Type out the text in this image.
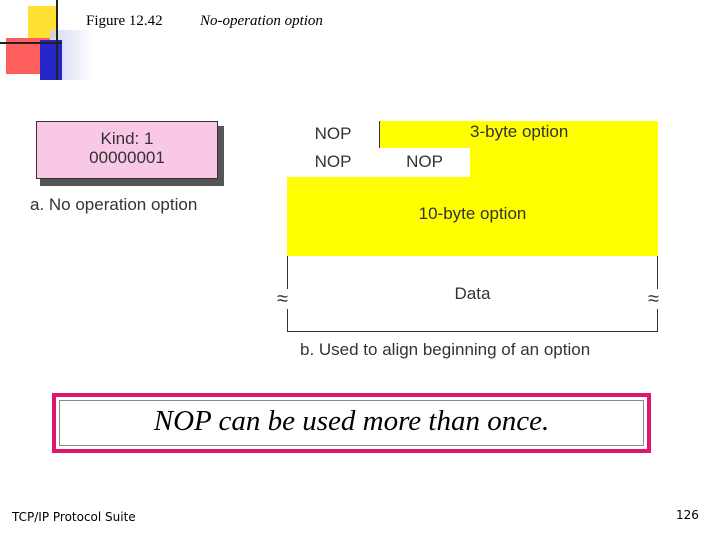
Figure 12.42 No-operation option
Kind: 1
00000001
a. No operation option
NOP	3-byte option
NOP	NOP
10-byte option
Data
≈	≈
b. Used to align beginning of an option
NOP can be used more than once.
TCP/IP Protocol Suite	126
